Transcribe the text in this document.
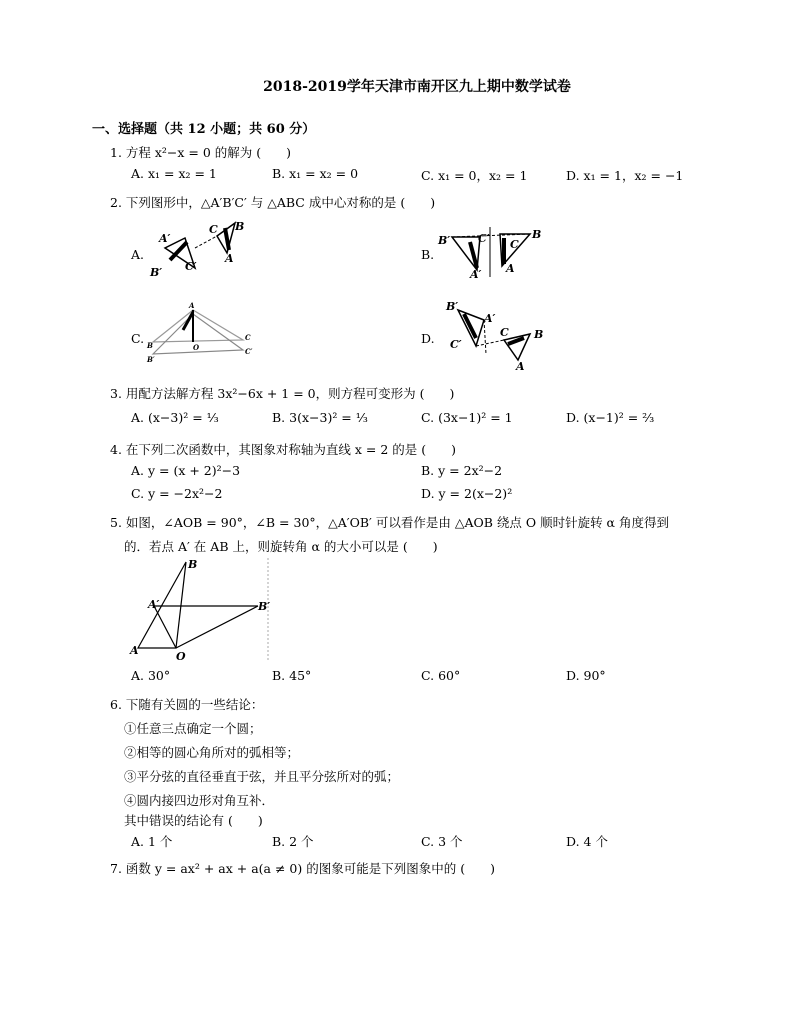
2018-2019学年天津市南开区九上期中数学试卷
一、选择题（共 12 小题；共 60 分）
1. 方程 x²−x = 0 的解为 (　　)
A. x₁ = x₂ = 1	B. x₁ = x₂ = 0	C. x₁ = 0，x₂ = 1	D. x₁ = 1，x₂ = −1
2. 下列图形中，△A′B′C′ 与 △ABC 成中心对称的是 (　　)
A.	B.
C.	D.
A′
B′ C′
C B
A
B′	C′
A′
C
B
A
A
B
B′
O
C
C′
B′
A′
C′
C B
A
3. 用配方法解方程 3x²−6x + 1 = 0，则方程可变形为 (　　)
A. (x−3)² = ⅓	B. 3(x−3)² = ⅓	C. (3x−1)² = 1	D. (x−1)² = ⅔
4. 在下列二次函数中，其图象对称轴为直线 x = 2 的是 (　　)
A. y = (x + 2)²−3	B. y = 2x²−2
C. y = −2x²−2	D. y = 2(x−2)²
5. 如图，∠AOB = 90°，∠B = 30°，△A′OB′ 可以看作是由 △AOB 绕点 O 顺时针旋转 α 角度得到
的．若点 A′ 在 AB 上，则旋转角 α 的大小可以是 (　　)
B
A′	B′
A	O
A. 30°	B. 45°	C. 60°	D. 90°
6. 下随有关圆的一些结论：
①任意三点确定一个圆；
②相等的圆心角所对的弧相等；
③平分弦的直径垂直于弦，并且平分弦所对的弧；
④圆内接四边形对角互补．
其中错误的结论有 (　　)
A. 1 个	B. 2 个	C. 3 个	D. 4 个
7. 函数 y = ax² + ax + a(a ≠ 0) 的图象可能是下列图象中的 (　　)
